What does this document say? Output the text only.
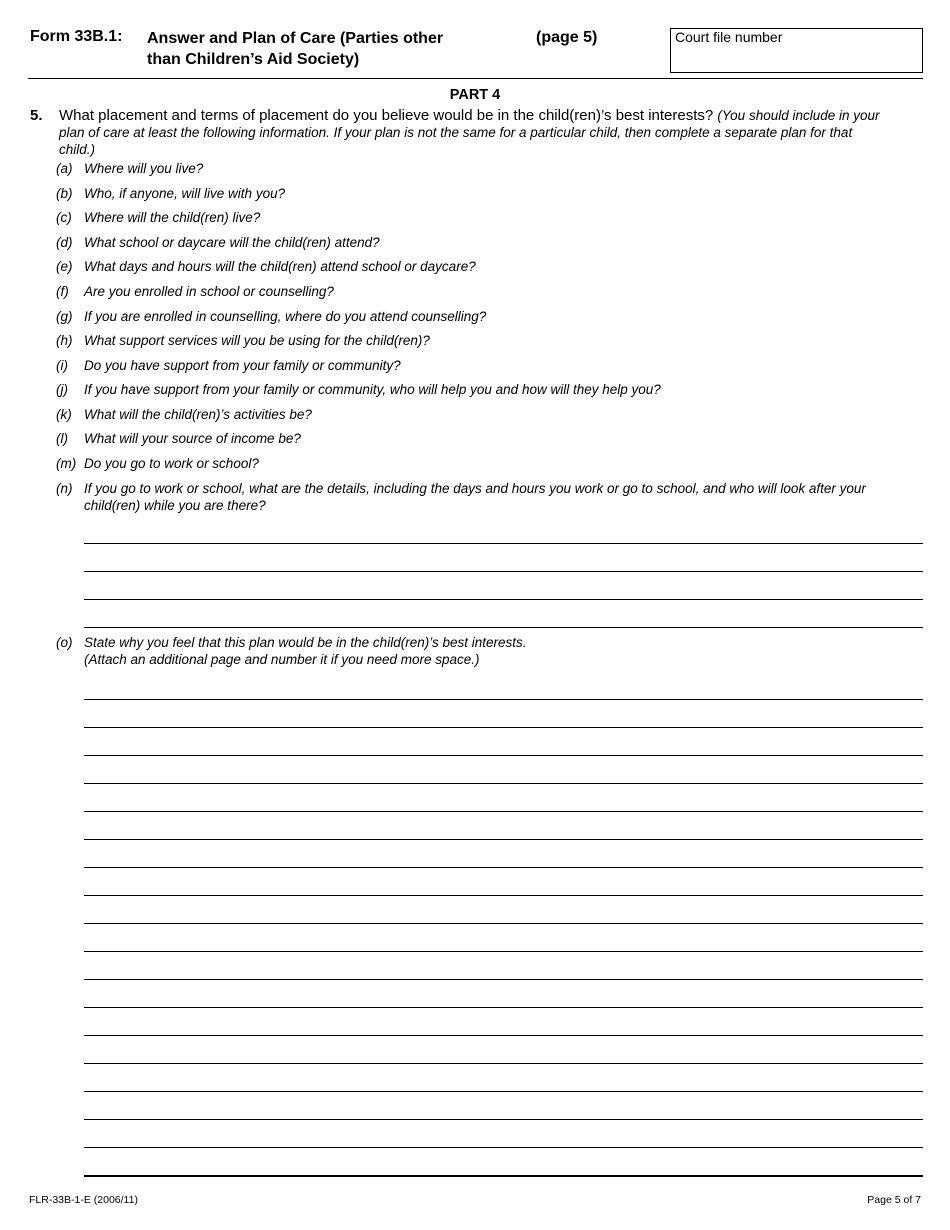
Form 33B.1: Answer and Plan of Care (Parties other
than Children’s Aid Society)
(page 5)	Court file number
PART 4
5. What placement and terms of placement do you believe would be in the child(ren)’s best interests? (You should include in your plan of care at least the following information. If your plan is not the same for a particular child, then complete a separate plan for that child.)
(a) Where will you live?
(b) Who, if anyone, will live with you?
(c) Where will the child(ren) live?
(d) What school or daycare will the child(ren) attend?
(e) What days and hours will the child(ren) attend school or daycare?
(f) Are you enrolled in school or counselling?
(g) If you are enrolled in counselling, where do you attend counselling?
(h) What support services will you be using for the child(ren)?
(i) Do you have support from your family or community?
(j) If you have support from your family or community, who will help you and how will they help you?
(k) What will the child(ren)’s activities be?
(l) What will your source of income be?
(m) Do you go to work or school?
(n) If you go to work or school, what are the details, including the days and hours you work or go to school, and who will look after your child(ren) while you are there?
(o) State why you feel that this plan would be in the child(ren)’s best interests.
(Attach an additional page and number it if you need more space.)
FLR-33B-1-E (2006/11)	Page 5 of 7
